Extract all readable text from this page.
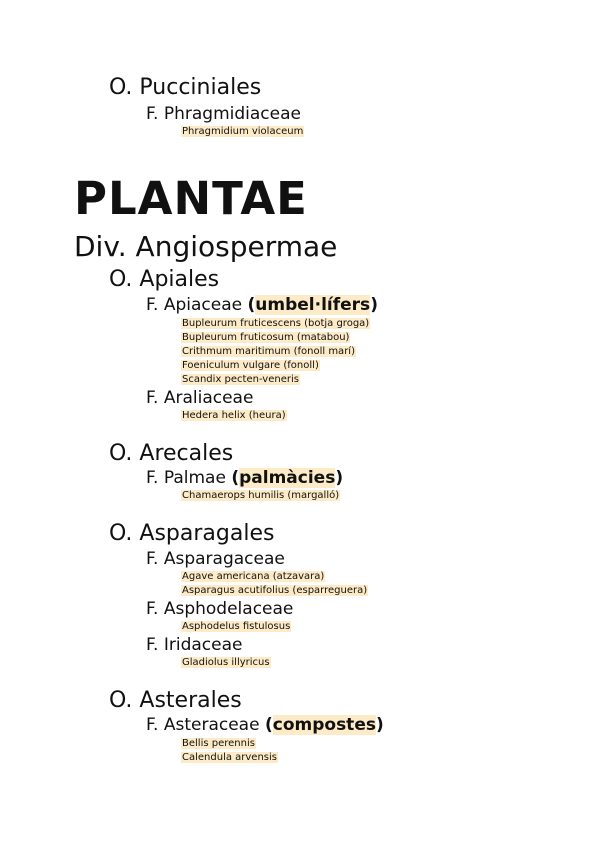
O. Pucciniales
F. Phragmidiaceae
Phragmidium violaceum
PLANTAE
Div. Angiospermae
O. Apiales
F. Apiaceae (umbel·lífers)
Bupleurum fruticescens (botja groga)
Bupleurum fruticosum (matabou)
Crithmum maritimum (fonoll marí)
Foeniculum vulgare (fonoll)
Scandix pecten-veneris
F. Araliaceae
Hedera helix (heura)
O. Arecales
F. Palmae (palmàcies)
Chamaerops humilis (margalló)
O. Asparagales
F. Asparagaceae
Agave americana (atzavara)
Asparagus acutifolius (esparreguera)
F. Asphodelaceae
Asphodelus fistulosus
F. Iridaceae
Gladiolus illyricus
O. Asterales
F. Asteraceae (compostes)
Bellis perennis
Calendula arvensis
